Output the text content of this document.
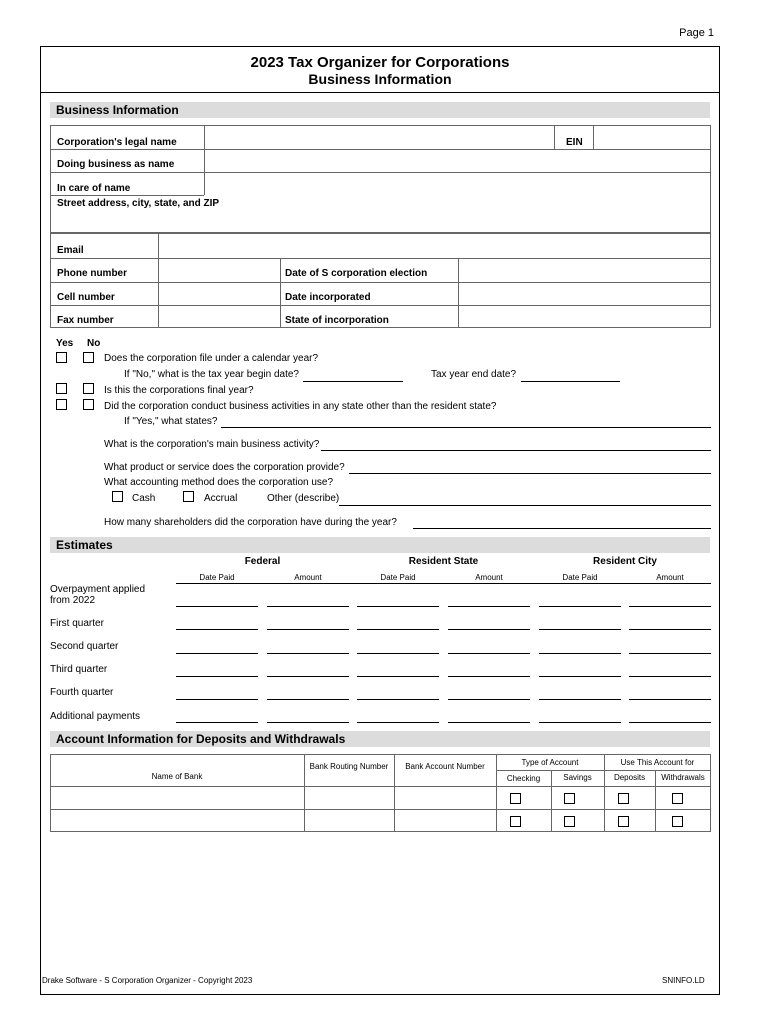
Page 1
2023 Tax Organizer for Corporations
Business Information
Business Information
Corporation's legal name	EIN
Doing business as name
In care of name
Street address, city, state, and ZIP
Email
Phone number	Date of S corporation election
Cell number	Date incorporated
Fax number	State of incorporation
Yes No
Does the corporation file under a calendar year?
If "No," what is the tax year begin date?	Tax year end date?
Is this the corporations final year?
Did the corporation conduct business activities in any state other than the resident state?
If "Yes," what states?
What is the corporation's main business activity?
What product or service does the corporation provide?
What accounting method does the corporation use?
Cash	Accrual	Other (describe)
How many shareholders did the corporation have during the year?
Estimates
Federal	Resident State	Resident City
Date Paid	Amount	Date Paid	Amount	Date Paid	Amount
Overpayment applied from 2022
First quarter
Second quarter
Third quarter
Fourth quarter
Additional payments
Account Information for Deposits and Withdrawals
Name of Bank
Bank Routing Number	Bank Account Number	Type of Account	Use This Account for
Checking	Savings	Deposits	Withdrawals
Drake Software - S Corporation Organizer - Copyright 2023	SNINFO.LD
